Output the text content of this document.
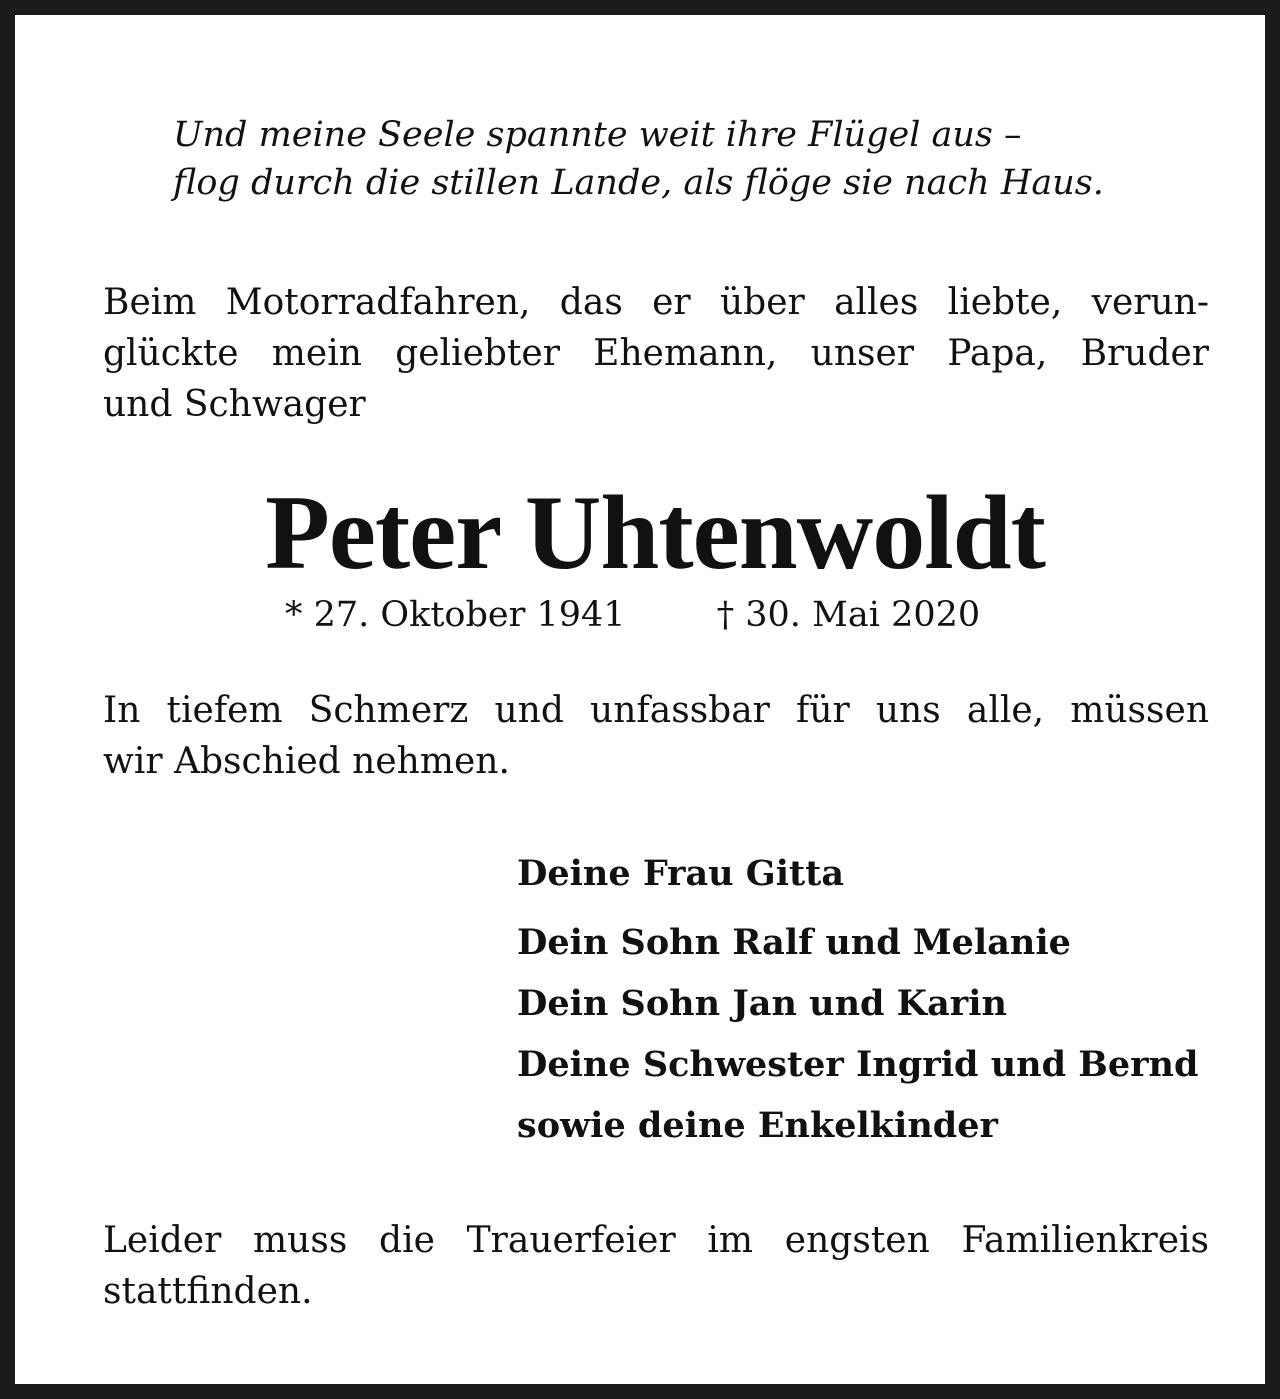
Und meine Seele spannte weit ihre Flügel aus –
flog durch die stillen Lande, als flöge sie nach Haus.
Beim Motorradfahren, das er über alles liebte, verun-
glückte mein geliebter Ehemann, unser Papa, Bruder
und Schwager
Peter Uhtenwoldt
* 27. Oktober 1941	† 30. Mai 2020
In tiefem Schmerz und unfassbar für uns alle, müssen
wir Abschied nehmen.
Deine Frau Gitta
Dein Sohn Ralf und Melanie
Dein Sohn Jan und Karin
Deine Schwester Ingrid und Bernd
sowie deine Enkelkinder
Leider muss die Trauerfeier im engsten Familienkreis
stattfinden.
